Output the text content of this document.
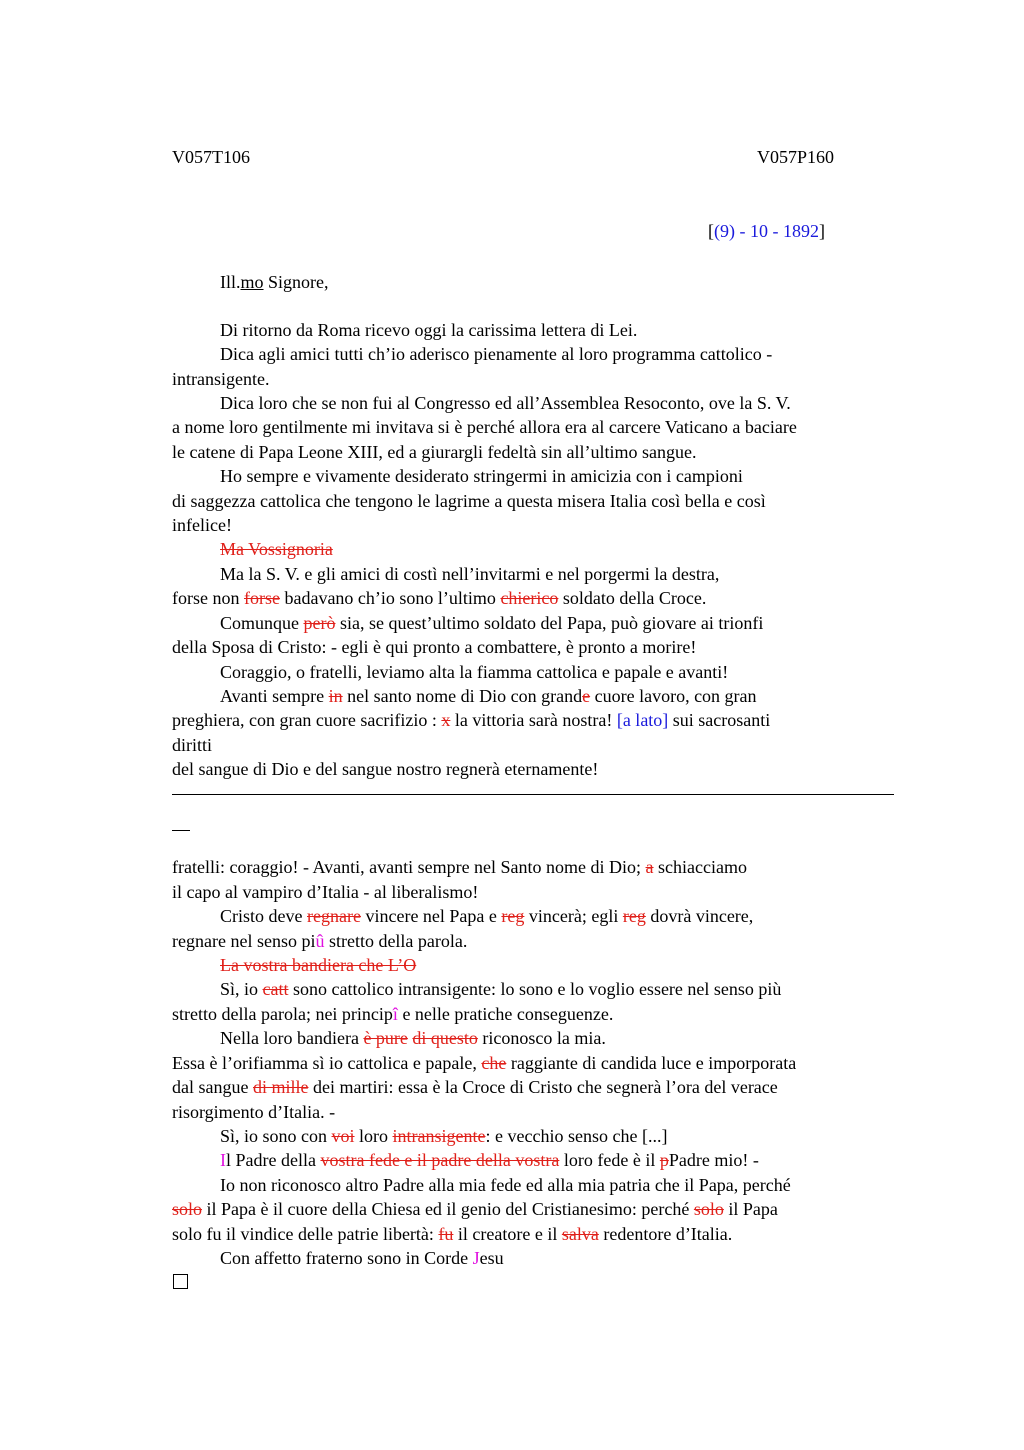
V057T106	V057P160
[(9) - 10 - 1892]
Ill.mo Signore,
Di ritorno da Roma ricevo oggi la carissima lettera di Lei.
Dica agli amici tutti ch’io aderisco pienamente al loro programma cattolico -
intransigente.
Dica loro che se non fui al Congresso ed all’Assemblea Resoconto, ove la S. V.
a nome loro gentilmente mi invitava si è perché allora era al carcere Vaticano a baciare
le catene di Papa Leone XIII, ed a giurargli fedeltà sin all’ultimo sangue.
Ho sempre e vivamente desiderato stringermi in amicizia con i campioni
di saggezza cattolica che tengono le lagrime a questa misera Italia così bella e così
infelice!
Ma Vossignoria
Ma la S. V. e gli amici di costì nell’invitarmi e nel porgermi la destra,
forse non forse badavano ch’io sono l’ultimo chierico soldato della Croce.
Comunque però sia, se quest’ultimo soldato del Papa, può giovare ai trionfi
della Sposa di Cristo: - egli è qui pronto a combattere, è pronto a morire!
Coraggio, o fratelli, leviamo alta la fiamma cattolica e papale e avanti!
Avanti sempre in nel santo nome di Dio con grande cuore lavoro, con gran
preghiera, con gran cuore sacrifizio : x la vittoria sarà nostra! [a lato] sui sacrosanti
diritti
del sangue di Dio e del sangue nostro regnerà eternamente!
fratelli: coraggio! - Avanti, avanti sempre nel Santo nome di Dio; a schiacciamo
il capo al vampiro d’Italia - al liberalismo!
Cristo deve regnare vincere nel Papa e reg vincerà; egli reg dovrà vincere,
regnare nel senso piû stretto della parola.
La vostra bandiera che L’O
Sì, io catt sono cattolico intransigente: lo sono e lo voglio essere nel senso più
stretto della parola; nei principî e nelle pratiche conseguenze.
Nella loro bandiera è pure di questo riconosco la mia.
Essa è l’orifiamma sì io cattolica e papale, che raggiante di candida luce e imporporata
dal sangue di mille dei martiri: essa è la Croce di Cristo che segnerà l’ora del verace
risorgimento d’Italia. -
Sì, io sono con voi loro intransigente: e vecchio senso che [...]
Il Padre della vostra fede e il padre della vostra loro fede è il pPadre mio! -
Io non riconosco altro Padre alla mia fede ed alla mia patria che il Papa, perché
solo il Papa è il cuore della Chiesa ed il genio del Cristianesimo: perché solo il Papa
solo fu il vindice delle patrie libertà: fu il creatore e il salva redentore d’Italia.
Con affetto fraterno sono in Corde Jesu
